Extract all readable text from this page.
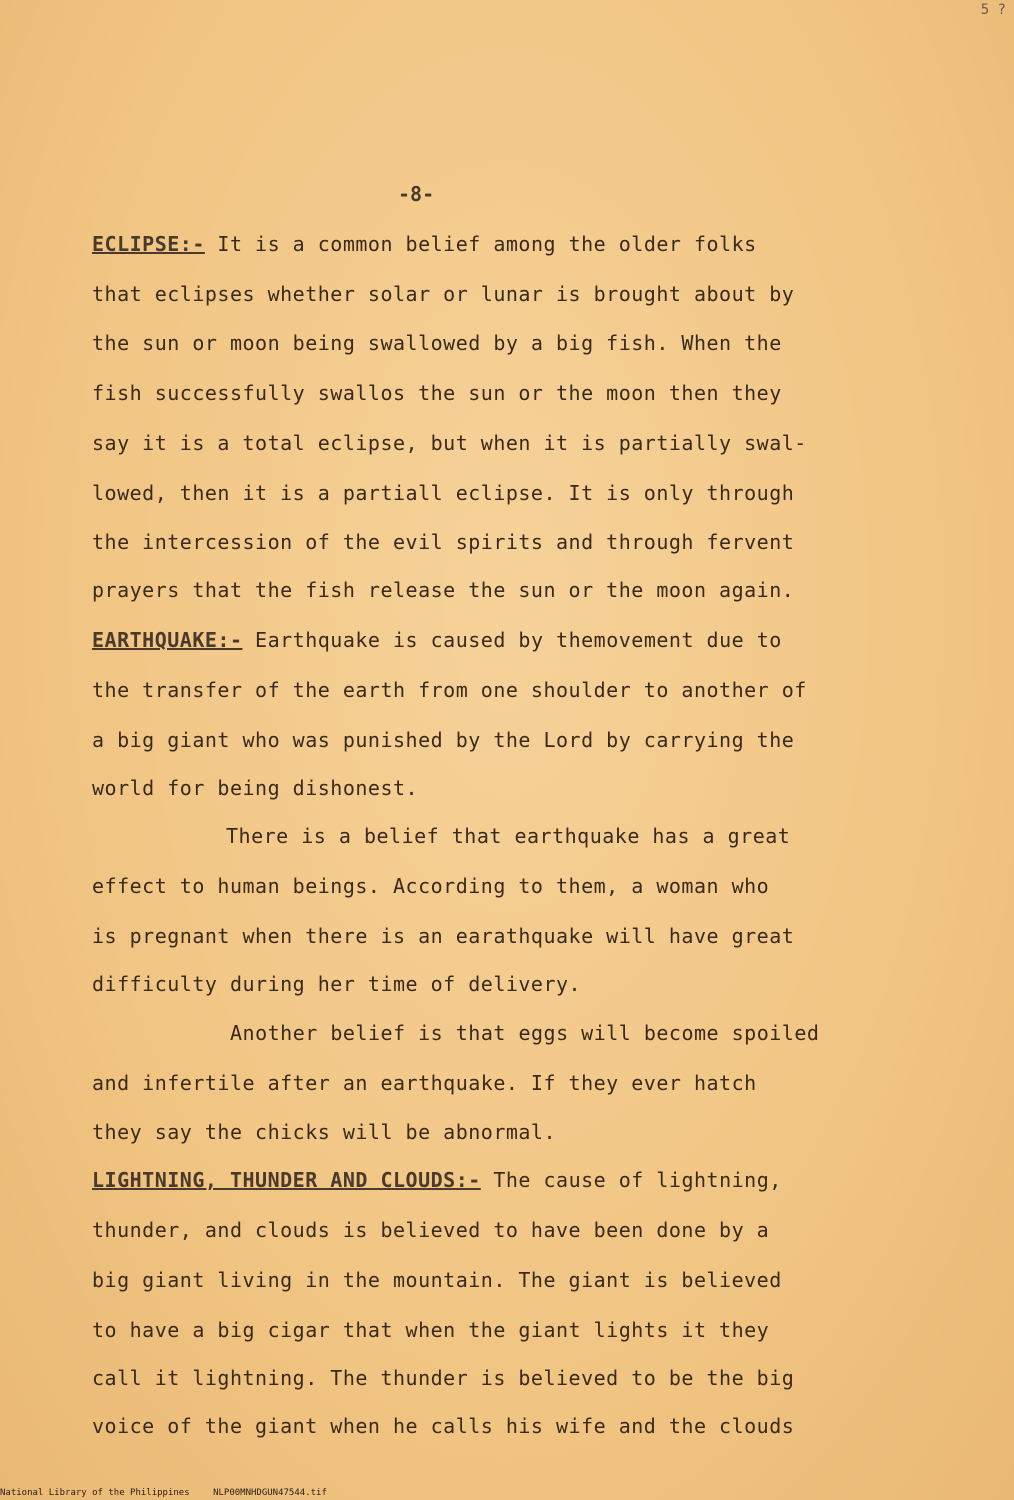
5 ?
-8-
ECLIPSE:- It is a common belief among the older folks
that eclipses whether solar or lunar is brought about by
the sun or moon being swallowed by a big fish. When the
fish successfully swallos the sun or the moon then they
say it is a total eclipse, but when it is partially swal-
lowed, then it is a partiall eclipse. It is only through
the intercession of the evil spirits and through fervent
prayers that the fish release the sun or the moon again.
EARTHQUAKE:- Earthquake is caused by themovement due to
the transfer of the earth from one shoulder to another of
a big giant who was punished by the Lord by carrying the
world for being dishonest.
There is a belief that earthquake has a great
effect to human beings. According to them, a woman who
is pregnant when there is an earathquake will have great
difficulty during her time of delivery.
Another belief is that eggs will become spoiled
and infertile after an earthquake. If they ever hatch
they say the chicks will be abnormal.
LIGHTNING, THUNDER AND CLOUDS:- The cause of lightning,
thunder, and clouds is believed to have been done by a
big giant living in the mountain. The giant is believed
to have a big cigar that when the giant lights it they
call it lightning. The thunder is believed to be the big
voice of the giant when he calls his wife and the clouds
National Library of the Philippines	NLP00MNHDGUN47544.tif
